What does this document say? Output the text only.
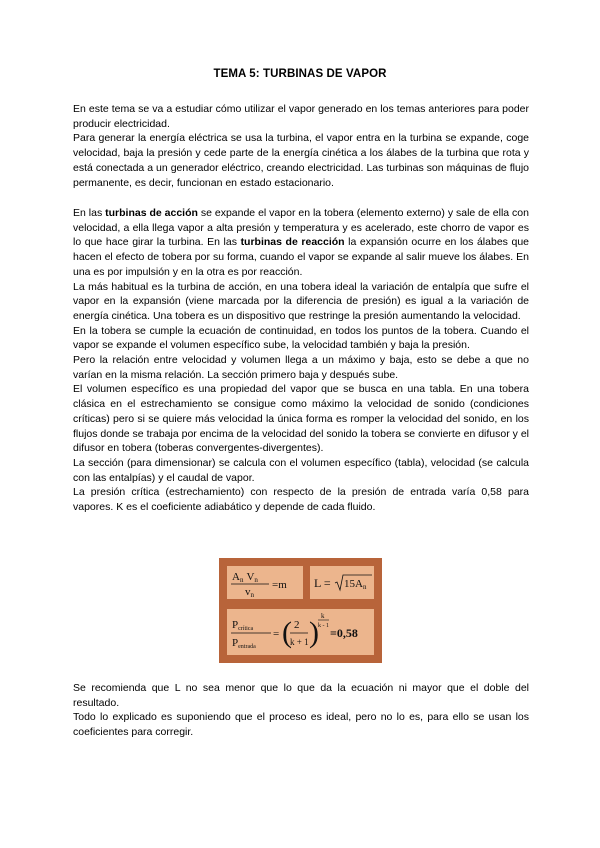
TEMA 5: TURBINAS DE VAPOR

En este tema se va a estudiar cómo utilizar el vapor generado en los temas anteriores para poder producir electricidad.

Para generar la energía eléctrica se usa la turbina, el vapor entra en la turbina se expande, coge velocidad, baja la presión y cede parte de la energía cinética a los álabes de la turbina que rota y está conectada a un generador eléctrico, creando electricidad. Las turbinas son máquinas de flujo permanente, es decir, funcionan en estado estacionario.

En las turbinas de acción se expande el vapor en la tobera (elemento externo) y sale de ella con velocidad, a ella llega vapor a alta presión y temperatura y es acelerado, este chorro de vapor es lo que hace girar la turbina. En las turbinas de reacción la expansión ocurre en los álabes que hacen el efecto de tobera por su forma, cuando el vapor se expande al salir mueve los álabes. En una es por impulsión y en la otra es por reacción.

La más habitual es la turbina de acción, en una tobera ideal la variación de entalpía que sufre el vapor en la expansión (viene marcada por la diferencia de presión) es igual a la variación de energía cinética. Una tobera es un dispositivo que restringe la presión aumentando la velocidad.

En la tobera se cumple la ecuación de continuidad, en todos los puntos de la tobera. Cuando el vapor se expande el volumen específico sube, la velocidad también y baja la presión.

Pero la relación entre velocidad y volumen llega a un máximo y baja, esto se debe a que no varían en la misma relación. La sección primero baja y después sube.

El volumen específico es una propiedad del vapor que se busca en una tabla. En una tobera clásica en el estrechamiento se consigue como máximo la velocidad de sonido (condiciones críticas) pero si se quiere más velocidad la única forma es romper la velocidad del sonido, en los flujos donde se trabaja por encima de la velocidad del sonido la tobera se convierte en difusor y el difusor en tobera (toberas convergentes-divergentes).

La sección (para dimensionar) se calcula con el volumen específico (tabla), velocidad (se calcula con las entalpías) y el caudal de vapor.

La presión crítica (estrechamiento) con respecto de la presión de entrada varía 0,58 para vapores. K es el coeficiente adiabático y depende de cada fluido.

An Vn
vn
=m L = 15An
Pcrítica
Pentrada
= ( 2
k + 1 ) k
k - 1 =0,58

Se recomienda que L no sea menor que lo que da la ecuación ni mayor que el doble del resultado.

Todo lo explicado es suponiendo que el proceso es ideal, pero no lo es, para ello se usan los coeficientes para corregir.
